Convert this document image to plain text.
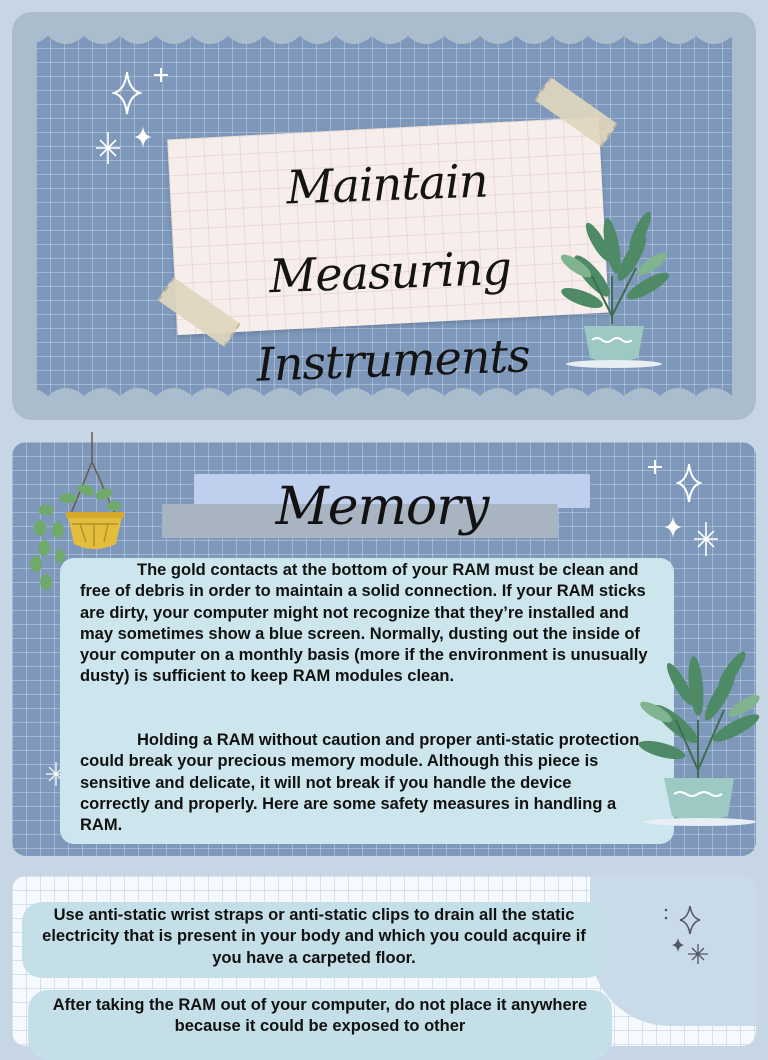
Maintain Measuring Instruments
Memory

The gold contacts at the bottom of your RAM must be clean and free of debris in order to maintain a solid connection. If your RAM sticks are dirty, your computer might not recognize that they’re installed and may sometimes show a blue screen. Normally, dusting out the inside of your computer on a monthly basis (more if the environment is unusually dusty) is sufficient to keep RAM modules clean.

Holding a RAM without caution and proper anti-static protection could break your precious memory module. Although this piece is sensitive and delicate, it will not break if you handle the device correctly and properly. Here are some safety measures in handling a RAM.

Use anti-static wrist straps or anti-static clips to drain all the static electricity that is present in your body and which you could acquire if you have a carpeted floor.
After taking the RAM out of your computer, do not place it anywhere because it could be exposed to other
